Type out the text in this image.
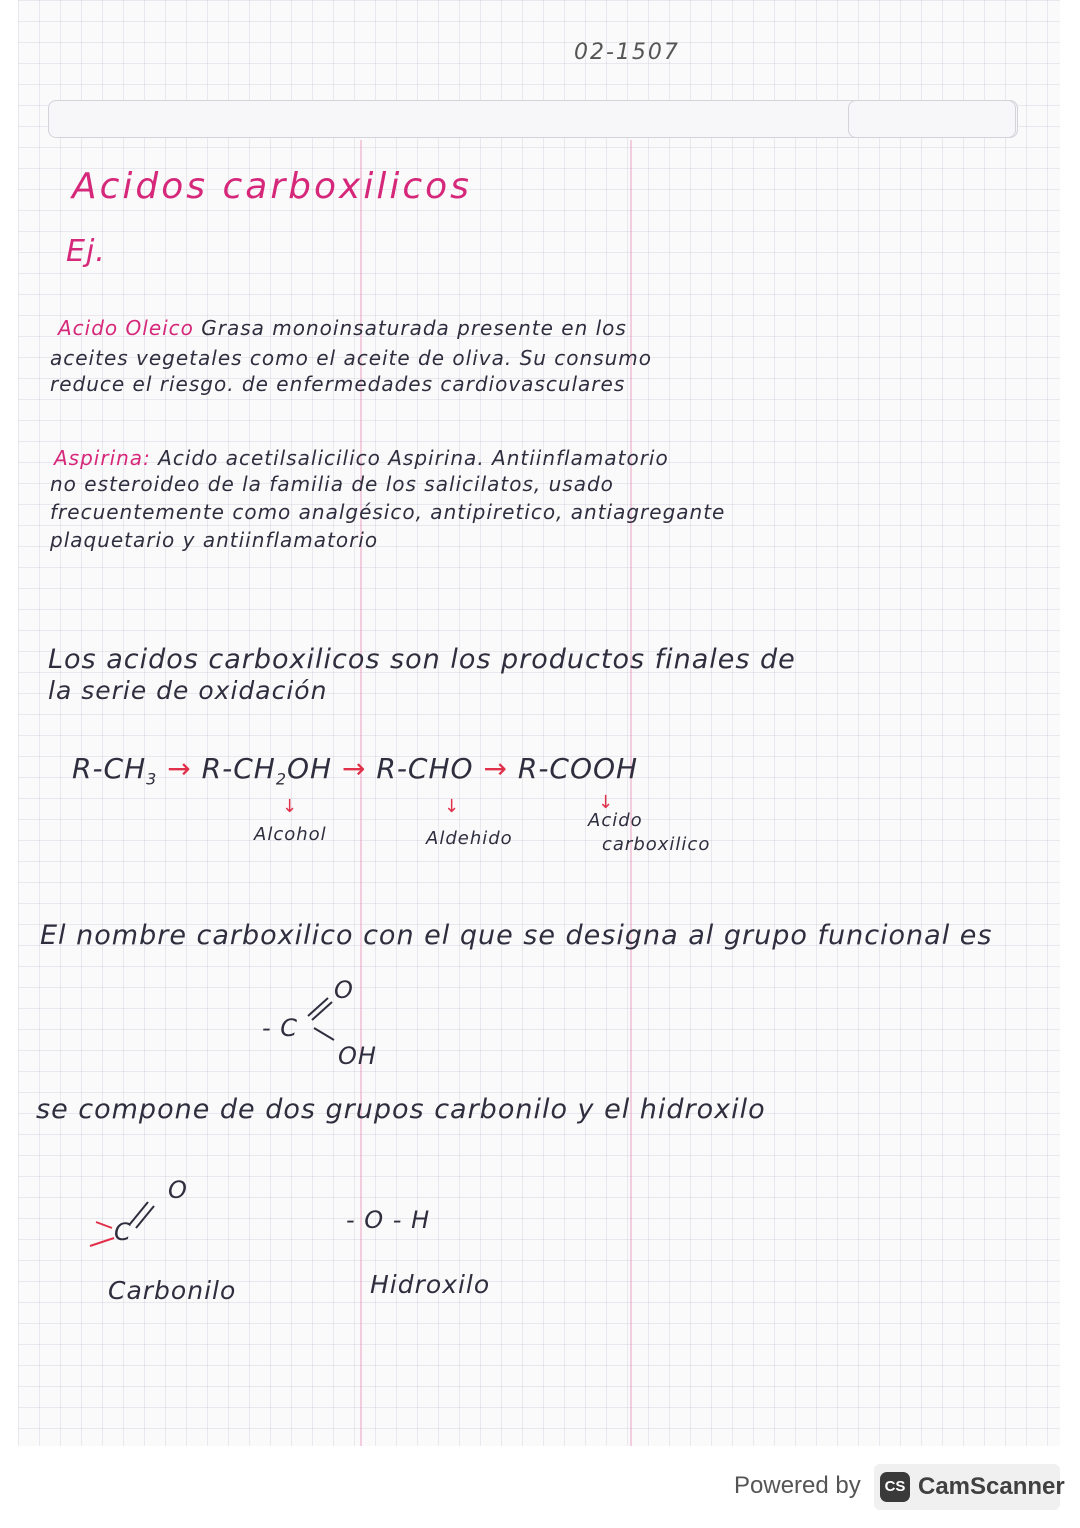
02-1507
Acidos carboxilicos
Ej.
Acido Oleico Grasa monoinsaturada presente en los
aceites vegetales como el aceite de oliva. Su consumo
reduce el riesgo. de enfermedades cardiovasculares
Aspirina: Acido acetilsalicilico Aspirina. Antiinflamatorio
no esteroideo de la familia de los salicilatos, usado
frecuentemente como analgésico, antipiretico, antiagregante
plaquetario y antiinflamatorio
Los acidos carboxilicos son los productos finales de
la serie de oxidación
$R-CH_3 \to R-CH_2OH \to R-CHO$ → R-COOH
↓	↓	↓
Alcohol	Aldehido
Acido
carboxilico
El nombre carboxilico con el que se designa al grupo funcional es
- C
O
OH
se compone de dos grupos carbonilo y el hidroxilo
C
O
Carbonilo
- O - H
Hidroxilo
Powered by	CS CamScanner
